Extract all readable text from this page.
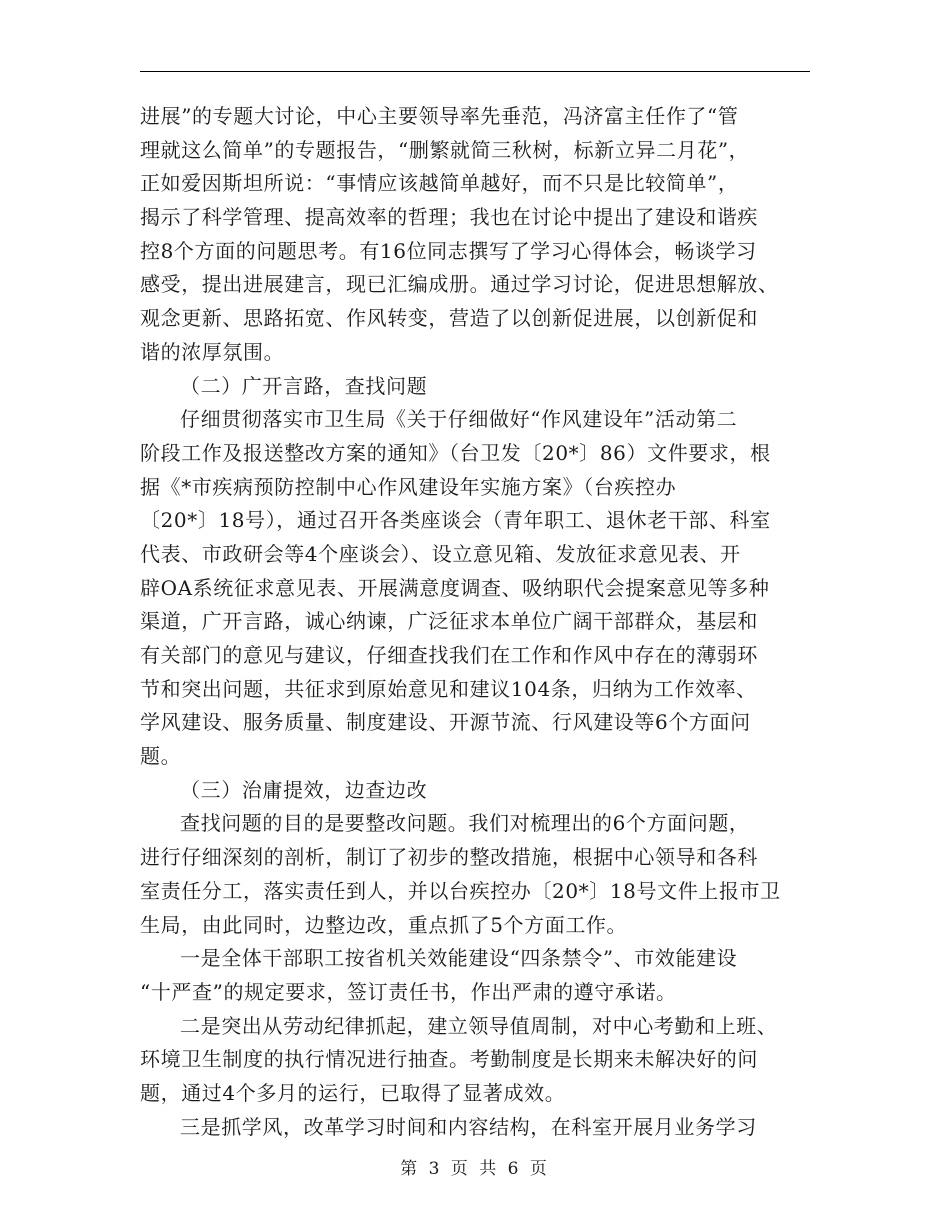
进展”的专题大讨论，中心主要领导率先垂范，冯济富主任作了“管
理就这么简单”的专题报告，“删繁就简三秋树，标新立异二月花”，
正如爱因斯坦所说：“事情应该越简单越好，而不只是比较简单”，
揭示了科学管理、提高效率的哲理；我也在讨论中提出了建设和谐疾
控8个方面的问题思考。有16位同志撰写了学习心得体会，畅谈学习
感受，提出进展建言，现已汇编成册。通过学习讨论，促进思想解放、
观念更新、思路拓宽、作风转变，营造了以创新促进展，以创新促和
谐的浓厚氛围。
（二）广开言路，查找问题
仔细贯彻落实市卫生局《关于仔细做好“作风建设年”活动第二
阶段工作及报送整改方案的通知》（台卫发〔20*〕86）文件要求，根
据《*市疾病预防控制中心作风建设年实施方案》（台疾控办
〔20*〕18号），通过召开各类座谈会（青年职工、退休老干部、科室
代表、市政研会等4个座谈会）、设立意见箱、发放征求意见表、开
辟OA系统征求意见表、开展满意度调查、吸纳职代会提案意见等多种
渠道，广开言路，诚心纳谏，广泛征求本单位广阔干部群众，基层和
有关部门的意见与建议，仔细查找我们在工作和作风中存在的薄弱环
节和突出问题，共征求到原始意见和建议104条，归纳为工作效率、
学风建设、服务质量、制度建设、开源节流、行风建设等6个方面问
题。
（三）治庸提效，边查边改
查找问题的目的是要整改问题。我们对梳理出的6个方面问题，
进行仔细深刻的剖析，制订了初步的整改措施，根据中心领导和各科
室责任分工，落实责任到人，并以台疾控办〔20*〕18号文件上报市卫
生局，由此同时，边整边改，重点抓了5个方面工作。
一是全体干部职工按省机关效能建设“四条禁令”、市效能建设
“十严查”的规定要求，签订责任书，作出严肃的遵守承诺。
二是突出从劳动纪律抓起，建立领导值周制，对中心考勤和上班、
环境卫生制度的执行情况进行抽查。考勤制度是长期来未解决好的问
题，通过4个多月的运行，已取得了显著成效。
三是抓学风，改革学习时间和内容结构，在科室开展月业务学习
第 3 页 共 6 页
